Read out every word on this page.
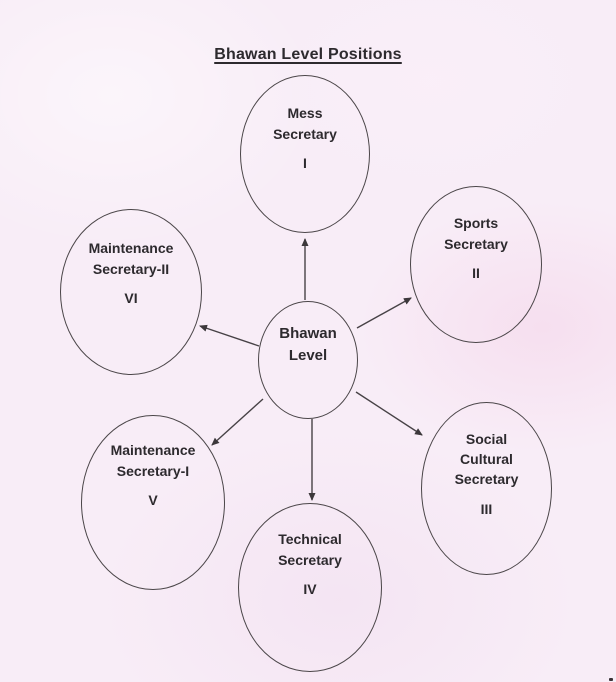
Bhawan Level Positions
Bhawan
Level
Mess
Secretary
I
Sports
Secretary
II
Social
Cultural
Secretary
III
Technical
Secretary
IV
Maintenance
Secretary-I
V
Maintenance
Secretary-II
VI
